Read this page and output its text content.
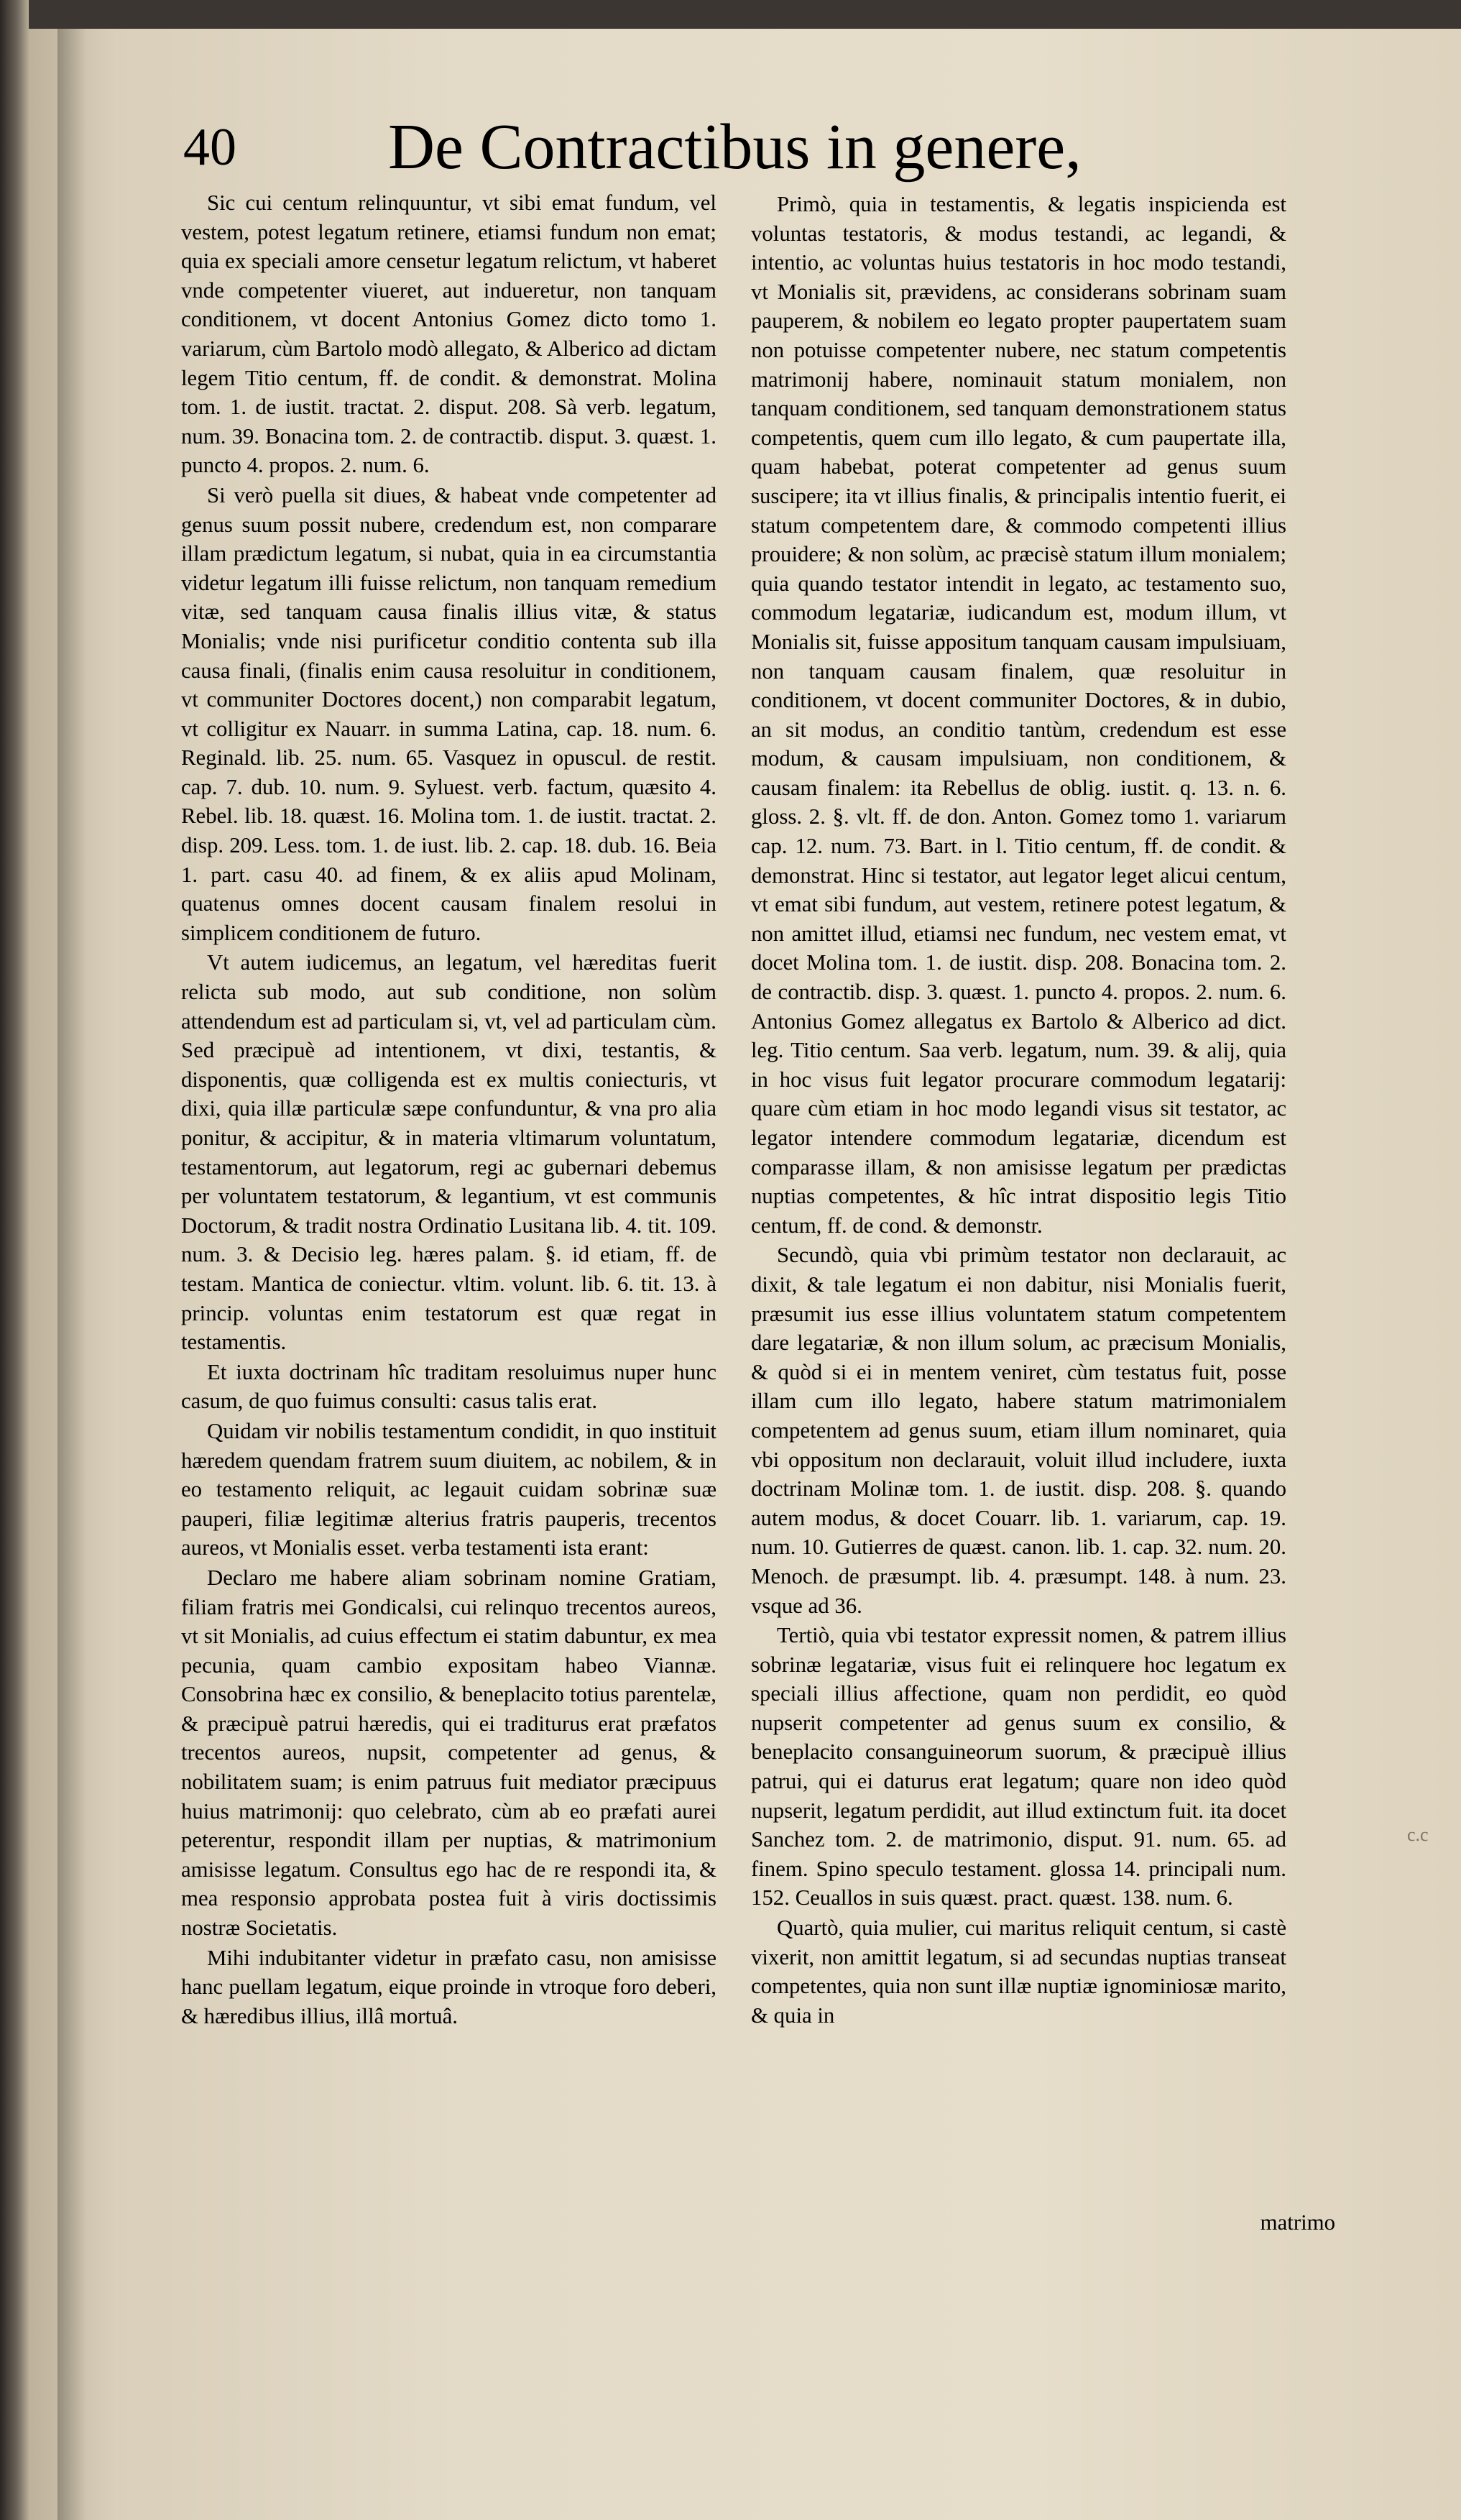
40 De Contractibus in genere,

Sic cui centum relinquuntur, vt sibi emat fundum, vel vestem, potest legatum retinere, etiamsi fundum non emat; quia ex speciali amore censetur legatum relictum, vt haberet vnde competenter viueret, aut indueretur, non tanquam conditionem, vt docent Antonius Gomez dicto tomo 1. variarum, cùm Bartolo modò allegato, & Alberico ad dictam legem Titio centum, ff. de condit. & demonstrat. Molina tom. 1. de iustit. tractat. 2. disput. 208. Sà verb. legatum, num. 39. Bonacina tom. 2. de contractib. disput. 3. quæst. 1. puncto 4. propos. 2. num. 6.

Si verò puella sit diues, & habeat vnde competenter ad genus suum possit nubere, credendum est, non comparare illam prædictum legatum, si nubat, quia in ea circumstantia videtur legatum illi fuisse relictum, non tanquam remedium vitæ, sed tanquam causa finalis illius vitæ, & status Monialis; vnde nisi purificetur conditio contenta sub illa causa finali, (finalis enim causa resoluitur in conditionem, vt communiter Doctores docent,) non comparabit legatum, vt colligitur ex Nauarr. in summa Latina, cap. 18. num. 6. Reginald. lib. 25. num. 65. Vasquez in opuscul. de restit. cap. 7. dub. 10. num. 9. Syluest. verb. factum, quæsito 4. Rebel. lib. 18. quæst. 16. Molina tom. 1. de iustit. tractat. 2. disp. 209. Less. tom. 1. de iust. lib. 2. cap. 18. dub. 16. Beia 1. part. casu 40. ad finem, & ex aliis apud Molinam, quatenus omnes docent causam finalem resolui in simplicem conditionem de futuro.

Vt autem iudicemus, an legatum, vel hæreditas fuerit relicta sub modo, aut sub conditione, non solùm attendendum est ad particulam si, vt, vel ad particulam cùm. Sed præcipuè ad intentionem, vt dixi, testantis, & disponentis, quæ colligenda est ex multis coniecturis, vt dixi, quia illæ particulæ sæpe confunduntur, & vna pro alia ponitur, & accipitur, & in materia vltimarum voluntatum, testamentorum, aut legatorum, regi ac gubernari debemus per voluntatem testatorum, & legantium, vt est communis Doctorum, & tradit nostra Ordinatio Lusitana lib. 4. tit. 109. num. 3. & Decisio leg. hæres palam. §. id etiam, ff. de testam. Mantica de coniectur. vltim. volunt. lib. 6. tit. 13. à princip. voluntas enim testatorum est quæ regat in testamentis.

Et iuxta doctrinam hîc traditam resoluimus nuper hunc casum, de quo fuimus consulti: casus talis erat.

Quidam vir nobilis testamentum condidit, in quo instituit hæredem quendam fratrem suum diuitem, ac nobilem, & in eo testamento reliquit, ac legauit cuidam sobrinæ suæ pauperi, filiæ legitimæ alterius fratris pauperis, trecentos aureos, vt Monialis esset. verba testamenti ista erant:

Declaro me habere aliam sobrinam nomine Gratiam, filiam fratris mei Gondicalsi, cui relinquo trecentos aureos, vt sit Monialis, ad cuius effectum ei statim dabuntur, ex mea pecunia, quam cambio expositam habeo Viannæ. Consobrina hæc ex consilio, & beneplacito totius parentelæ, & præcipuè patrui hæredis, qui ei traditurus erat præfatos trecentos aureos, nupsit, competenter ad genus, & nobilitatem suam; is enim patruus fuit mediator præcipuus huius matrimonij: quo celebrato, cùm ab eo præfati aurei peterentur, respondit illam per nuptias, & matrimonium amisisse legatum. Consultus ego hac de re respondi ita, & mea responsio approbata postea fuit à viris doctissimis nostræ Societatis.

Mihi indubitanter videtur in præfato casu, non amisisse hanc puellam legatum, eique proinde in vtroque foro deberi, & hæredibus illius, illâ mortuâ.

Primò, quia in testamentis, & legatis inspicienda est voluntas testatoris, & modus testandi, ac legandi, & intentio, ac voluntas huius testatoris in hoc modo testandi, vt Monialis sit, prævidens, ac considerans sobrinam suam pauperem, & nobilem eo legato propter paupertatem suam non potuisse competenter nubere, nec statum competentis matrimonij habere, nominauit statum monialem, non tanquam conditionem, sed tanquam demonstrationem status competentis, quem cum illo legato, & cum paupertate illa, quam habebat, poterat competenter ad genus suum suscipere; ita vt illius finalis, & principalis intentio fuerit, ei statum competentem dare, & commodo competenti illius prouidere; & non solùm, ac præcisè statum illum monialem; quia quando testator intendit in legato, ac testamento suo, commodum legatariæ, iudicandum est, modum illum, vt Monialis sit, fuisse appositum tanquam causam impulsiuam, non tanquam causam finalem, quæ resoluitur in conditionem, vt docent communiter Doctores, & in dubio, an sit modus, an conditio tantùm, credendum est esse modum, & causam impulsiuam, non conditionem, & causam finalem: ita Rebellus de oblig. iustit. q. 13. n. 6. gloss. 2. §. vlt. ff. de don. Anton. Gomez tomo 1. variarum cap. 12. num. 73. Bart. in l. Titio centum, ff. de condit. & demonstrat. Hinc si testator, aut legator leget alicui centum, vt emat sibi fundum, aut vestem, retinere potest legatum, & non amittet illud, etiamsi nec fundum, nec vestem emat, vt docet Molina tom. 1. de iustit. disp. 208. Bonacina tom. 2. de contractib. disp. 3. quæst. 1. puncto 4. propos. 2. num. 6. Antonius Gomez allegatus ex Bartolo & Alberico ad dict. leg. Titio centum. Saa verb. legatum, num. 39. & alij, quia in hoc visus fuit legator procurare commodum legatarij: quare cùm etiam in hoc modo legandi visus sit testator, ac legator intendere commodum legatariæ, dicendum est comparasse illam, & non amisisse legatum per prædictas nuptias competentes, & hîc intrat dispositio legis Titio centum, ff. de cond. & demonstr.

Secundò, quia vbi primùm testator non declarauit, ac dixit, & tale legatum ei non dabitur, nisi Monialis fuerit, præsumit ius esse illius voluntatem statum competentem dare legatariæ, & non illum solum, ac præcisum Monialis, & quòd si ei in mentem veniret, cùm testatus fuit, posse illam cum illo legato, habere statum matrimonialem competentem ad genus suum, etiam illum nominaret, quia vbi oppositum non declarauit, voluit illud includere, iuxta doctrinam Molinæ tom. 1. de iustit. disp. 208. §. quando autem modus, & docet Couarr. lib. 1. variarum, cap. 19. num. 10. Gutierres de quæst. canon. lib. 1. cap. 32. num. 20. Menoch. de præsumpt. lib. 4. præsumpt. 148. à num. 23. vsque ad 36.

Tertiò, quia vbi testator expressit nomen, & patrem illius sobrinæ legatariæ, visus fuit ei relinquere hoc legatum ex speciali illius affectione, quam non perdidit, eo quòd nupserit competenter ad genus suum ex consilio, & beneplacito consanguineorum suorum, & præcipuè illius patrui, qui ei daturus erat legatum; quare non ideo quòd nupserit, legatum perdidit, aut illud extinctum fuit. ita docet Sanchez tom. 2. de matrimonio, disput. 91. num. 65. ad finem. Spino speculo testament. glossa 14. principali num. 152. Ceuallos in suis quæst. pract. quæst. 138. num. 6.

Quartò, quia mulier, cui maritus reliquit centum, si castè vixerit, non amittit legatum, si ad secundas nuptias transeat competentes, quia non sunt illæ nuptiæ ignominiosæ marito, & quia in

matrimo
c.c
